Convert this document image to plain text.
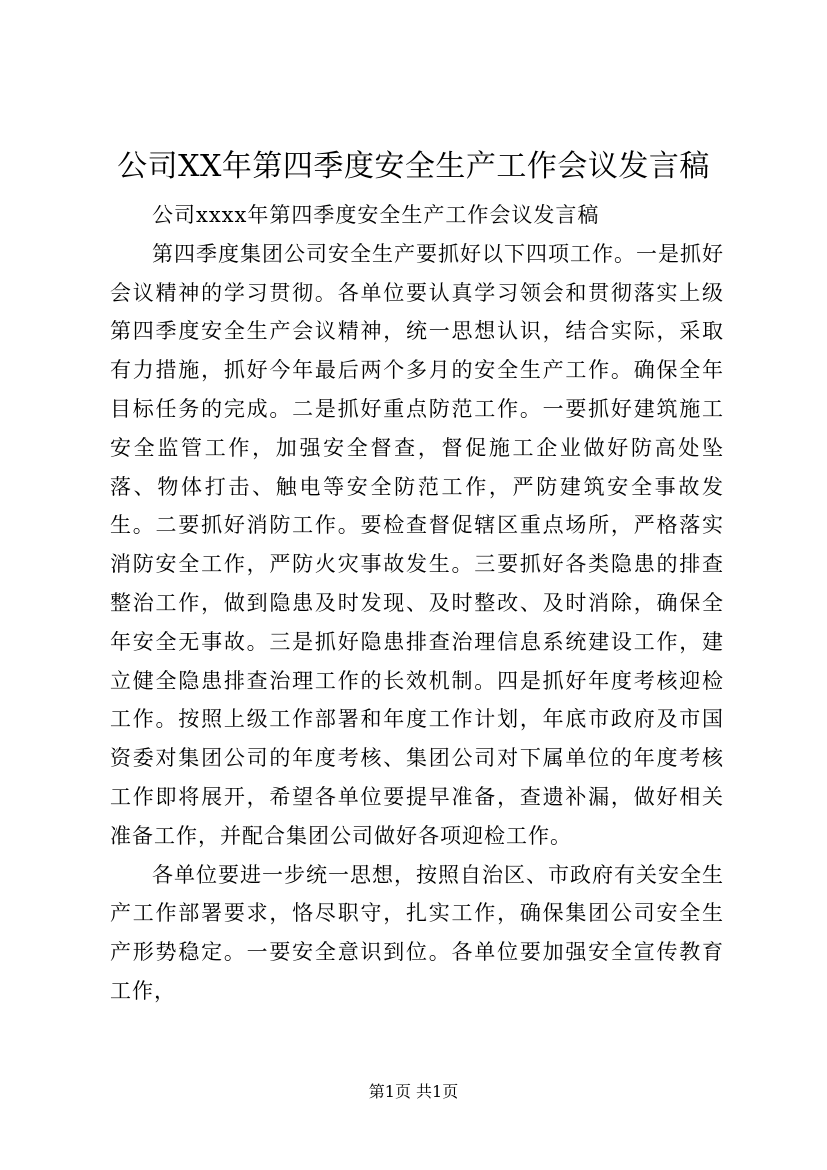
公司XX年第四季度安全生产工作会议发言稿

公司xxxx年第四季度安全生产工作会议发言稿

第四季度集团公司安全生产要抓好以下四项工作。一是抓好会议精神的学习贯彻。各单位要认真学习领会和贯彻落实上级第四季度安全生产会议精神，统一思想认识，结合实际，采取有力措施，抓好今年最后两个多月的安全生产工作。确保全年目标任务的完成。二是抓好重点防范工作。一要抓好建筑施工安全监管工作，加强安全督查，督促施工企业做好防高处坠落、物体打击、触电等安全防范工作，严防建筑安全事故发生。二要抓好消防工作。要检查督促辖区重点场所，严格落实消防安全工作，严防火灾事故发生。三要抓好各类隐患的排查整治工作，做到隐患及时发现、及时整改、及时消除，确保全年安全无事故。三是抓好隐患排查治理信息系统建设工作，建立健全隐患排查治理工作的长效机制。四是抓好年度考核迎检工作。按照上级工作部署和年度工作计划，年底市政府及市国资委对集团公司的年度考核、集团公司对下属单位的年度考核工作即将展开，希望各单位要提早准备，查遗补漏，做好相关准备工作，并配合集团公司做好各项迎检工作。

各单位要进一步统一思想，按照自治区、市政府有关安全生产工作部署要求，恪尽职守，扎实工作，确保集团公司安全生产形势稳定。一要安全意识到位。各单位要加强安全宣传教育工作，

第1页 共1页
